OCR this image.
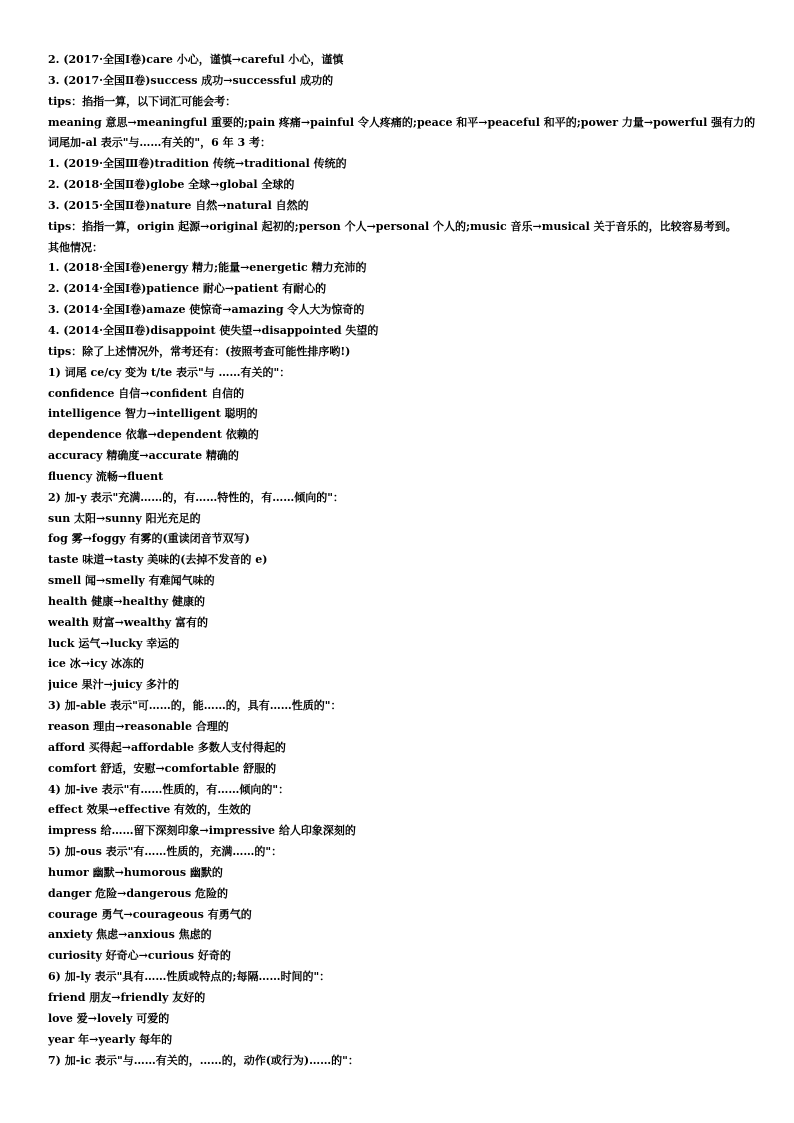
2. (2017·全国Ⅰ卷)care 小心，谨慎→careful 小心，谨慎
3. (2017·全国Ⅱ卷)success 成功→successful 成功的
tips：掐指一算，以下词汇可能会考：
meaning 意思→meaningful 重要的;pain 疼痛→painful 令人疼痛的;peace 和平→peaceful 和平的;power 力量→powerful 强有力的
词尾加-al 表示"与……有关的"，6 年 3 考：
1. (2019·全国Ⅲ卷)tradition 传统→traditional 传统的
2. (2018·全国Ⅱ卷)globe 全球→global 全球的
3. (2015·全国Ⅱ卷)nature 自然→natural 自然的
tips：掐指一算，origin 起源→original 起初的;person 个人→personal 个人的;music 音乐→musical 关于音乐的，比较容易考到。
其他情况：
1. (2018·全国Ⅰ卷)energy 精力;能量→energetic 精力充沛的
2. (2014·全国Ⅰ卷)patience 耐心→patient 有耐心的
3. (2014·全国Ⅰ卷)amaze 使惊奇→amazing 令人大为惊奇的
4. (2014·全国Ⅱ卷)disappoint 使失望→disappointed 失望的
tips：除了上述情况外，常考还有：(按照考查可能性排序哟!)
1) 词尾 ce/cy 变为 t/te 表示"与 ……有关的"：
confidence 自信→confident 自信的
intelligence 智力→intelligent 聪明的
dependence 依靠→dependent 依赖的
accuracy 精确度→accurate 精确的
fluency 流畅→fluent
2) 加-y 表示"充满……的，有……特性的，有……倾向的"：
sun 太阳→sunny 阳光充足的
fog 雾→foggy 有雾的(重读闭音节双写)
taste 味道→tasty 美味的(去掉不发音的 e)
smell 闻→smelly 有难闻气味的
health 健康→healthy 健康的
wealth 财富→wealthy 富有的
luck 运气→lucky 幸运的
ice 冰→icy 冰冻的
juice 果汁→juicy 多汁的
3) 加-able 表示"可……的，能……的，具有……性质的"：
reason 理由→reasonable 合理的
afford 买得起→affordable 多数人支付得起的
comfort 舒适，安慰→comfortable 舒服的
4) 加-ive 表示"有……性质的，有……倾向的"：
effect 效果→effective 有效的，生效的
impress 给……留下深刻印象→impressive 给人印象深刻的
5) 加-ous 表示"有……性质的，充满……的"：
humor 幽默→humorous 幽默的
danger 危险→dangerous 危险的
courage 勇气→courageous 有勇气的
anxiety 焦虑→anxious 焦虑的
curiosity 好奇心→curious 好奇的
6) 加-ly 表示"具有……性质或特点的;每隔……时间的"：
friend 朋友→friendly 友好的
love 爱→lovely 可爱的
year 年→yearly 每年的
7) 加-ic 表示"与……有关的，……的，动作(或行为)……的"：
